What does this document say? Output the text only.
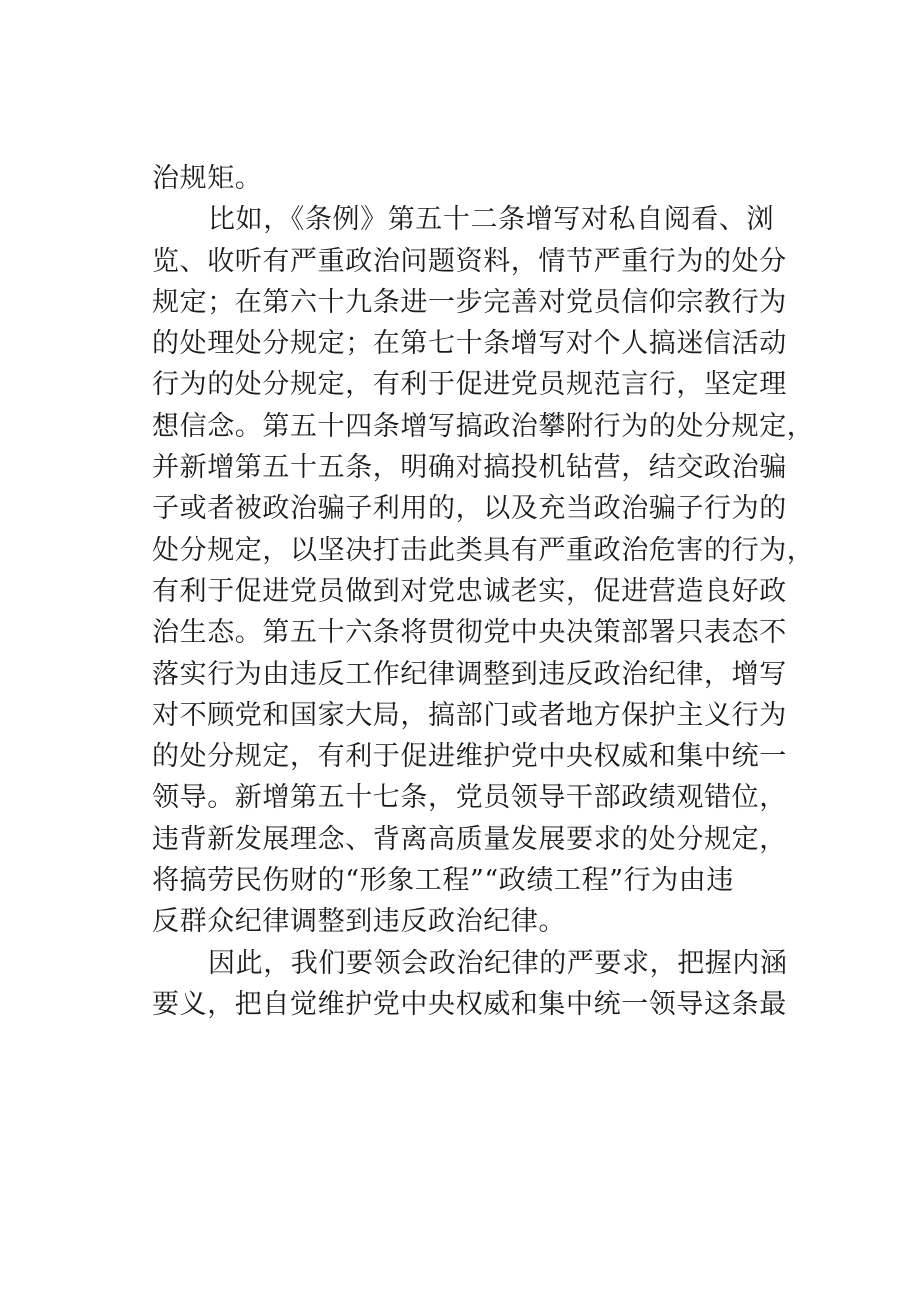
治规矩。
比如，《条例》第五十二条增写对私自阅看、浏
览、收听有严重政治问题资料，情节严重行为的处分
规定；在第六十九条进一步完善对党员信仰宗教行为
的处理处分规定；在第七十条增写对个人搞迷信活动
行为的处分规定，有利于促进党员规范言行，坚定理
想信念。第五十四条增写搞政治攀附行为的处分规定，
并新增第五十五条，明确对搞投机钻营，结交政治骗
子或者被政治骗子利用的，以及充当政治骗子行为的
处分规定，以坚决打击此类具有严重政治危害的行为，
有利于促进党员做到对党忠诚老实，促进营造良好政
治生态。第五十六条将贯彻党中央决策部署只表态不
落实行为由违反工作纪律调整到违反政治纪律，增写
对不顾党和国家大局，搞部门或者地方保护主义行为
的处分规定，有利于促进维护党中央权威和集中统一
领导。新增第五十七条，党员领导干部政绩观错位，
违背新发展理念、背离高质量发展要求的处分规定，
将搞劳民伤财的“形象工程”“政绩工程”行为由违
反群众纪律调整到违反政治纪律。
因此，我们要领会政治纪律的严要求，把握内涵
要义，把自觉维护党中央权威和集中统一领导这条最
